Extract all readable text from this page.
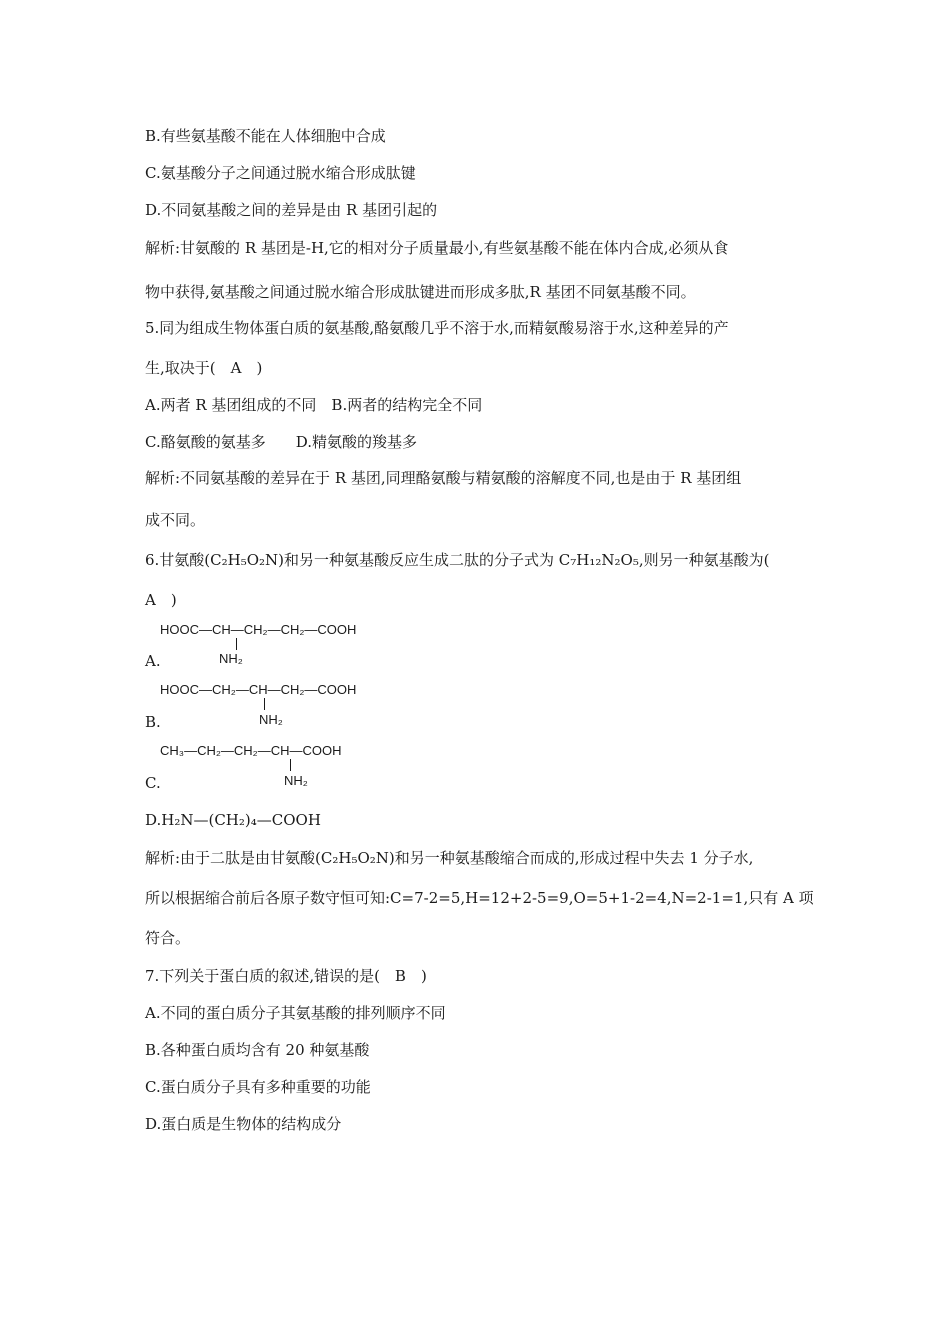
B.有些氨基酸不能在人体细胞中合成

C.氨基酸分子之间通过脱水缩合形成肽键

D.不同氨基酸之间的差异是由 R 基团引起的

解析:甘氨酸的 R 基团是-H,它的相对分子质量最小,有些氨基酸不能在体内合成,必须从食

物中获得,氨基酸之间通过脱水缩合形成肽键进而形成多肽,R 基团不同氨基酸不同。

5.同为组成生物体蛋白质的氨基酸,酪氨酸几乎不溶于水,而精氨酸易溶于水,这种差异的产

生,取决于(　A　)

A.两者 R 基团组成的不同　B.两者的结构完全不同

C.酪氨酸的氨基多　　D.精氨酸的羧基多

解析:不同氨基酸的差异在于 R 基团,同理酪氨酸与精氨酸的溶解度不同,也是由于 R 基团组

成不同。

6.甘氨酸(C₂H₅O₂N)和另一种氨基酸反应生成二肽的分子式为 C₇H₁₂N₂O₅,则另一种氨基酸为(

A　)

HOOC—CH—CH₂—CH₂—COOH
NH₂

A.

HOOC—CH₂—CH—CH₂—COOH
NH₂

B.

CH₃—CH₂—CH₂—CH—COOH
NH₂

C.

D.H₂N—(CH₂)₄—COOH

解析:由于二肽是由甘氨酸(C₂H₅O₂N)和另一种氨基酸缩合而成的,形成过程中失去 1 分子水,

所以根据缩合前后各原子数守恒可知:C=7-2=5,H=12+2-5=9,O=5+1-2=4,N=2-1=1,只有 A 项

符合。

7.下列关于蛋白质的叙述,错误的是(　B　)

A.不同的蛋白质分子其氨基酸的排列顺序不同

B.各种蛋白质均含有 20 种氨基酸

C.蛋白质分子具有多种重要的功能

D.蛋白质是生物体的结构成分
